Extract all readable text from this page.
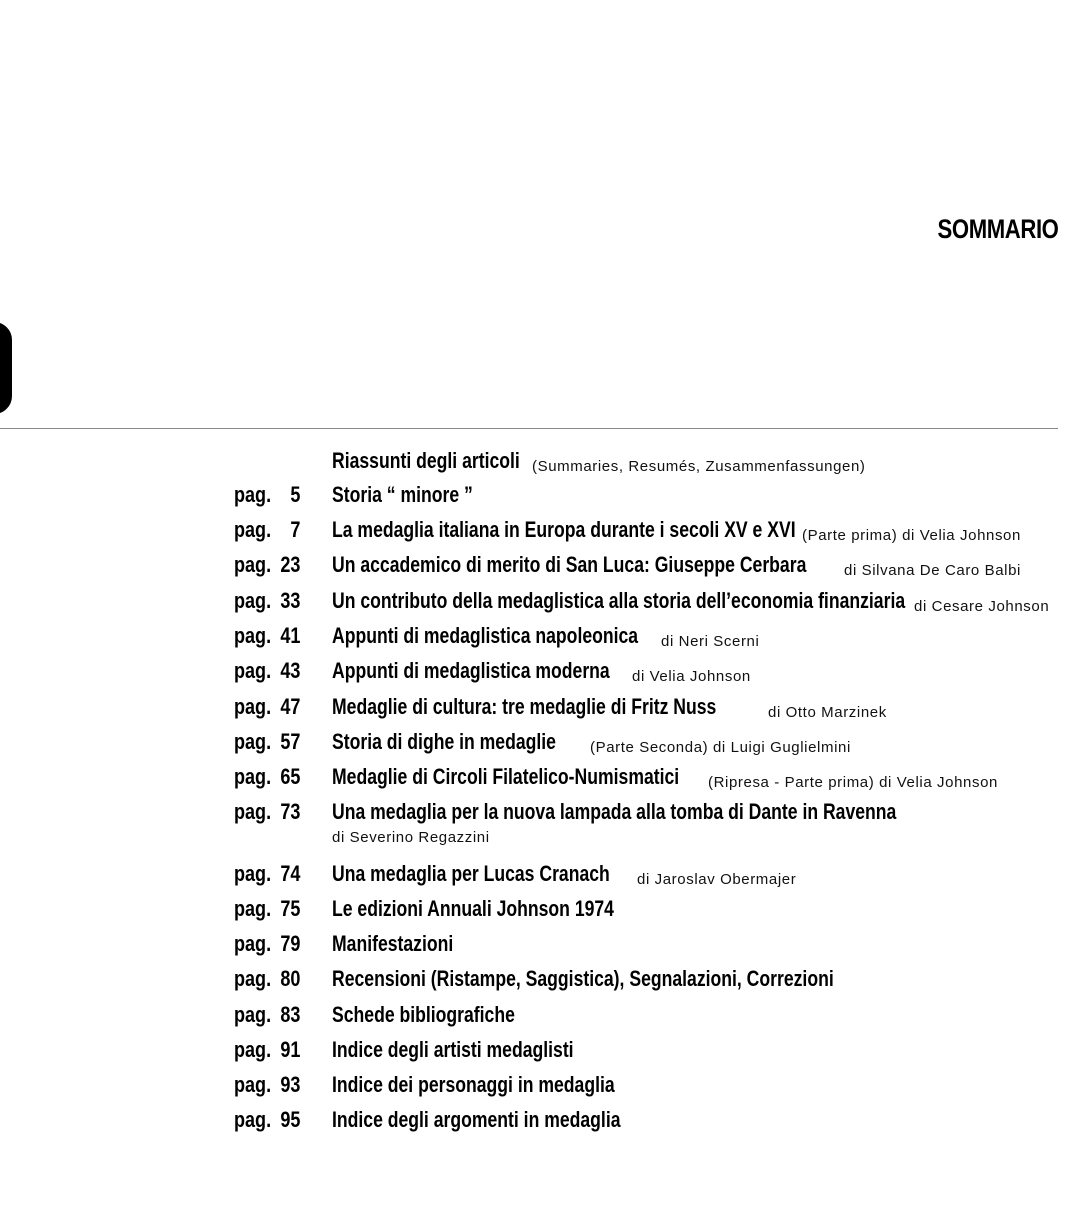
SOMMARIO
Riassunti degli articoli (Summaries, Resumés, Zusammenfassungen)
pag. 5 Storia “ minore ”
pag. 7 La medaglia italiana in Europa durante i secoli XV e XVI (Parte prima) di Velia Johnson
pag. 23 Un accademico di merito di San Luca: Giuseppe Cerbara	di Silvana De Caro Balbi
pag. 33 Un contributo della medaglistica alla storia dell’economia finanziaria di Cesare Johnson
pag. 41 Appunti di medaglistica napoleonica di Neri Scerni
pag. 43 Appunti di medaglistica moderna di Velia Johnson
pag. 47 Medaglie di cultura: tre medaglie di Fritz Nuss	di Otto Marzinek
pag. 57 Storia di dighe in medaglie (Parte Seconda) di Luigi Guglielmini
pag. 65 Medaglie di Circoli Filatelico-Numismatici (Ripresa - Parte prima) di Velia Johnson
pag. 73 Una medaglia per la nuova lampada alla tomba di Dante in Ravenna
di Severino Regazzini
pag. 74 Una medaglia per Lucas Cranach di Jaroslav Obermajer
pag. 75 Le edizioni Annuali Johnson 1974
pag. 79 Manifestazioni
pag. 80 Recensioni (Ristampe, Saggistica), Segnalazioni, Correzioni
pag. 83 Schede bibliografiche
pag. 91 Indice degli artisti medaglisti
pag. 93 Indice dei personaggi in medaglia
pag. 95 Indice degli argomenti in medaglia
